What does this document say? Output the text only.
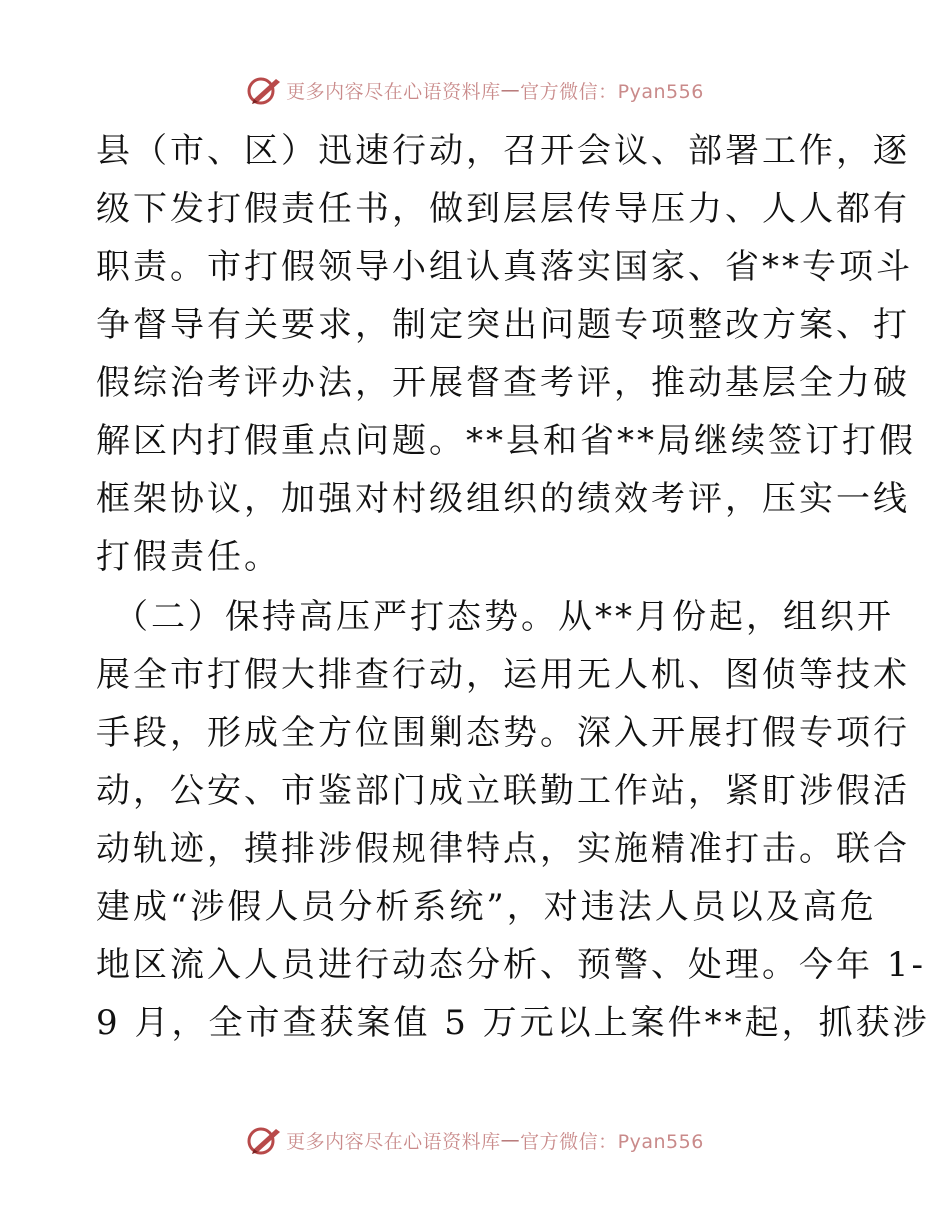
更多内容尽在心语资料库 — 官方微信：Pyan556
县（市、区）迅速行动，召开会议、部署工作，逐
级下发打假责任书，做到层层传导压力、人人都有
职责。市打假领导小组认真落实国家、省**专项斗
争督导有关要求，制定突出问题专项整改方案、打
假综治考评办法，开展督查考评，推动基层全力破
解区内打假重点问题。**县和省**局继续签订打假
框架协议，加强对村级组织的绩效考评，压实一线
打假责任。
（二）保持高压严打态势。从**月份起，组织开
展全市打假大排查行动，运用无人机、图侦等技术
手段，形成全方位围剿态势。深入开展打假专项行
动，公安、市鉴部门成立联勤工作站，紧盯涉假活
动轨迹，摸排涉假规律特点，实施精准打击。联合
建成“涉假人员分析系统”，对违法人员以及高危
地区流入人员进行动态分析、预警、处理。今年 1-
9 月，全市查获案值 5 万元以上案件**起，抓获涉
更多内容尽在心语资料库 — 官方微信：Pyan556
